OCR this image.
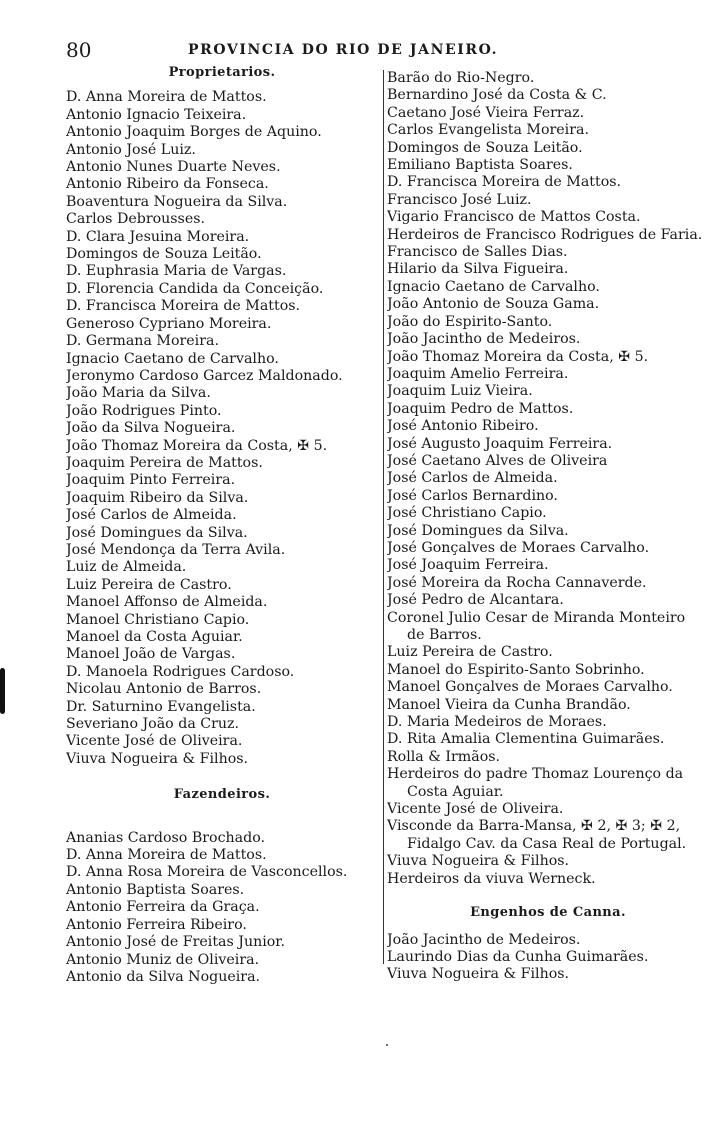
80	PROVINCIA DO RIO DE JANEIRO.
Proprietarios.
D. Anna Moreira de Mattos.
Antonio Ignacio Teixeira.
Antonio Joaquim Borges de Aquino.
Antonio José Luiz.
Antonio Nunes Duarte Neves.
Antonio Ribeiro da Fonseca.
Boaventura Nogueira da Silva.
Carlos Debrousses.
D. Clara Jesuina Moreira.
Domingos de Souza Leitão.
D. Euphrasia Maria de Vargas.
D. Florencia Candida da Conceição.
D. Francisca Moreira de Mattos.
Generoso Cypriano Moreira.
D. Germana Moreira.
Ignacio Caetano de Carvalho.
Jeronymo Cardoso Garcez Maldonado.
João Maria da Silva.
João Rodrigues Pinto.
João da Silva Nogueira.
João Thomaz Moreira da Costa, ✠ 5.
Joaquim Pereira de Mattos.
Joaquim Pinto Ferreira.
Joaquim Ribeiro da Silva.
José Carlos de Almeida.
José Domingues da Silva.
José Mendonça da Terra Avila.
Luiz de Almeida.
Luiz Pereira de Castro.
Manoel Affonso de Almeida.
Manoel Christiano Capio.
Manoel da Costa Aguiar.
Manoel João de Vargas.
D. Manoela Rodrigues Cardoso.
Nicolau Antonio de Barros.
Dr. Saturnino Evangelista.
Severiano João da Cruz.
Vicente José de Oliveira.
Viuva Nogueira & Filhos.
Fazendeiros.
Ananias Cardoso Brochado.
D. Anna Moreira de Mattos.
D. Anna Rosa Moreira de Vasconcellos.
Antonio Baptista Soares.
Antonio Ferreira da Graça.
Antonio Ferreira Ribeiro.
Antonio José de Freitas Junior.
Antonio Muniz de Oliveira.
Antonio da Silva Nogueira.
Barão do Rio-Negro.
Bernardino José da Costa & C.
Caetano José Vieira Ferraz.
Carlos Evangelista Moreira.
Domingos de Souza Leitão.
Emiliano Baptista Soares.
D. Francisca Moreira de Mattos.
Francisco José Luiz.
Vigario Francisco de Mattos Costa.
Herdeiros de Francisco Rodrigues de Faria.
Francisco de Salles Dias.
Hilario da Silva Figueira.
Ignacio Caetano de Carvalho.
João Antonio de Souza Gama.
João do Espirito-Santo.
João Jacintho de Medeiros.
João Thomaz Moreira da Costa, ✠ 5.
Joaquim Amelio Ferreira.
Joaquim Luiz Vieira.
Joaquim Pedro de Mattos.
José Antonio Ribeiro.
José Augusto Joaquim Ferreira.
José Caetano Alves de Oliveira
José Carlos de Almeida.
José Carlos Bernardino.
José Christiano Capio.
José Domingues da Silva.
José Gonçalves de Moraes Carvalho.
José Joaquim Ferreira.
José Moreira da Rocha Cannaverde.
José Pedro de Alcantara.
Coronel Julio Cesar de Miranda Monteiro
de Barros.
Luiz Pereira de Castro.
Manoel do Espirito-Santo Sobrinho.
Manoel Gonçalves de Moraes Carvalho.
Manoel Vieira da Cunha Brandão.
D. Maria Medeiros de Moraes.
D. Rita Amalia Clementina Guimarães.
Rolla & Irmãos.
Herdeiros do padre Thomaz Lourenço da
Costa Aguiar.
Vicente José de Oliveira.
Visconde da Barra-Mansa, ✠ 2, ✠ 3; ✠ 2,
Fidalgo Cav. da Casa Real de Portugal.
Viuva Nogueira & Filhos.
Herdeiros da viuva Werneck.
Engenhos de Canna.
João Jacintho de Medeiros.
Laurindo Dias da Cunha Guimarães.
Viuva Nogueira & Filhos.
